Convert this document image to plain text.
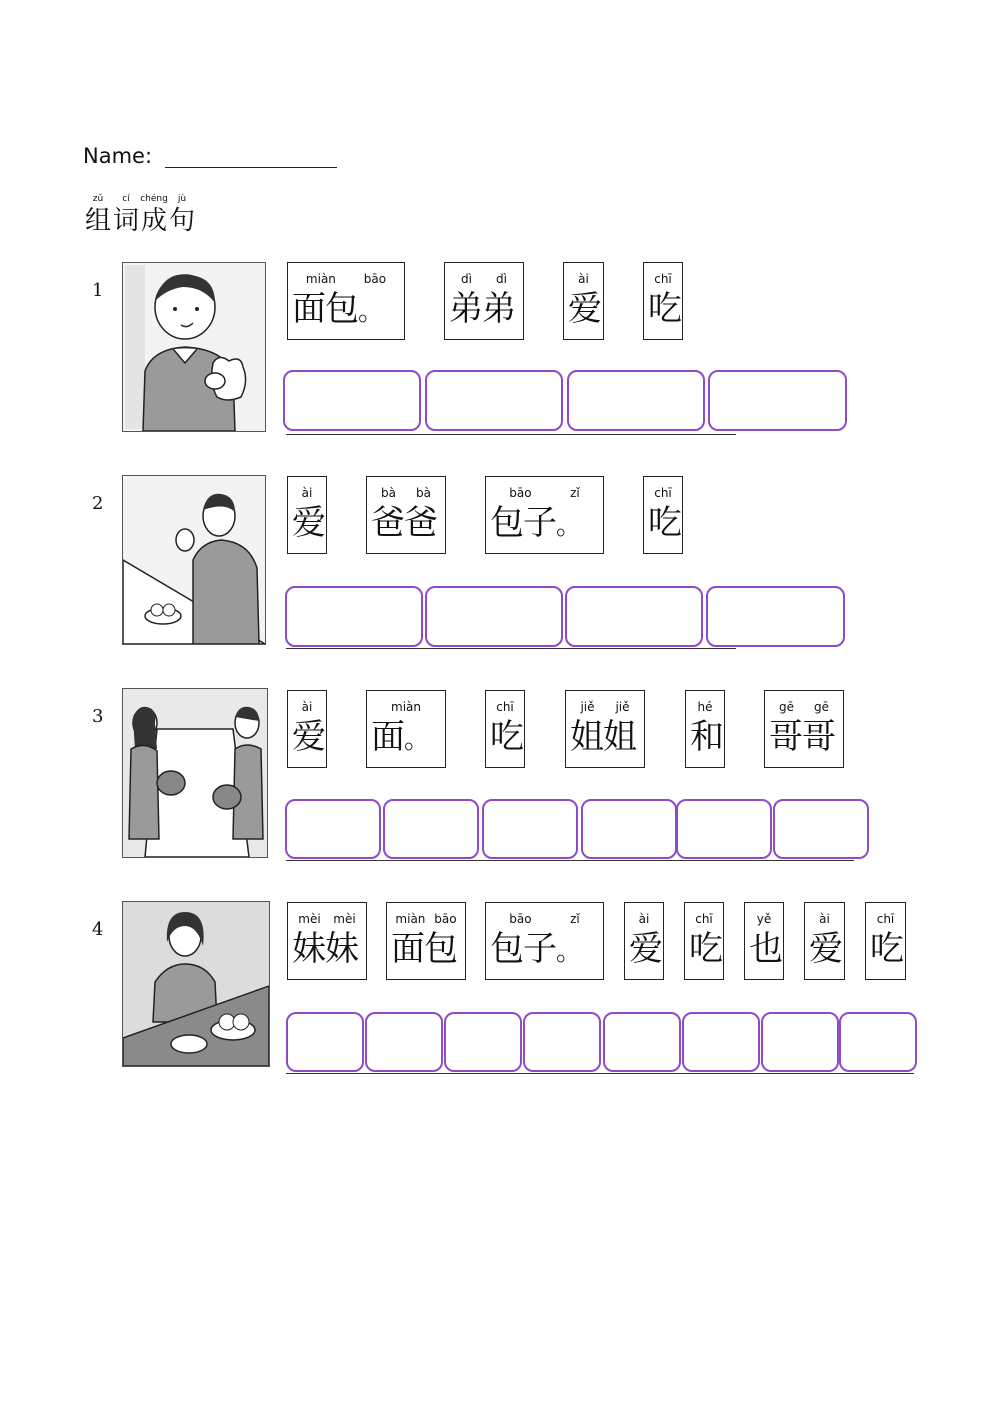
Name:
zǔ
组
cí
词
chéng
成
jù
句
1
miàn bāo
面包。
dì dì
弟弟
ài
爱
chī
吃
2	ài
爱
bà bà
爸爸
bāo	zǐ
包子。
chī
吃
3	ài
爱
miàn
面。
chī
吃
jiě jiě
姐姐
hé
和
gē gē
哥哥
4	mèi mèi
妹妹
miàn bāo
面包
bāo	zǐ
包子。
ài
爱
chī
吃
yě
也
ài
爱
chī
吃
